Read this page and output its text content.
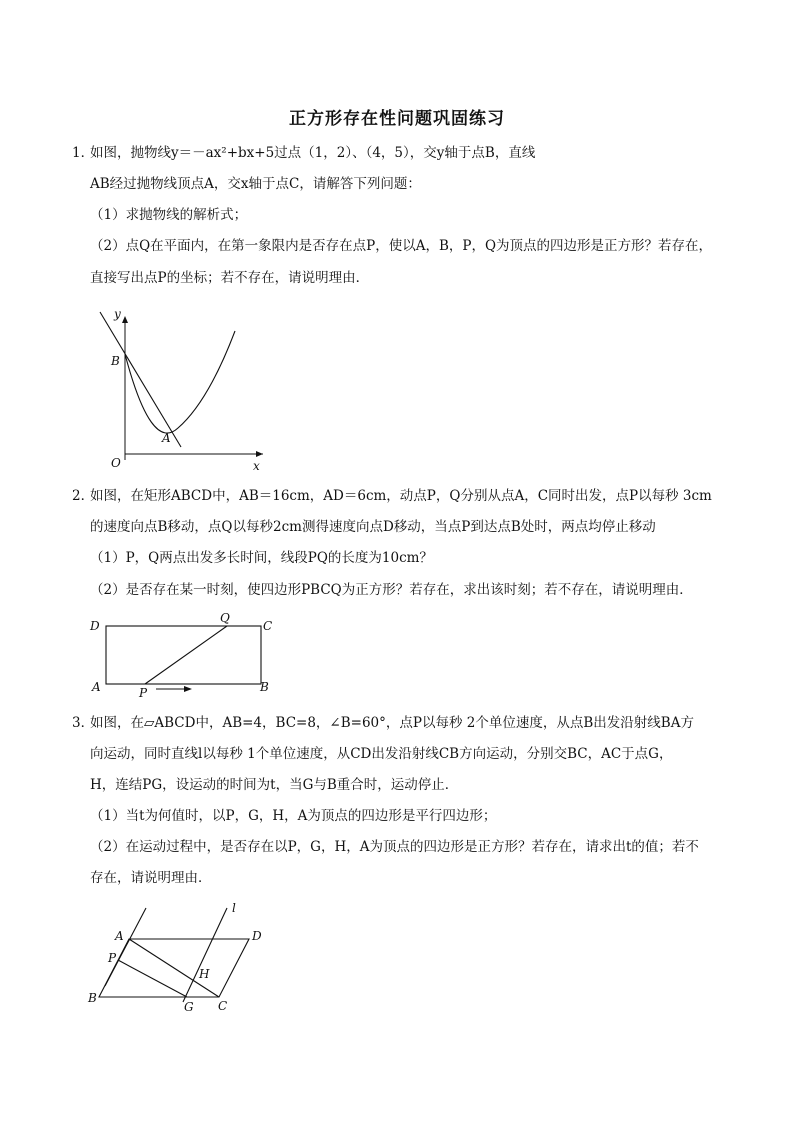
正方形存在性问题巩固练习
1．如图，抛物线y＝－ax²+bx+5过点（1，2）、（4，5），交y轴于点B，直线
AB经过抛物线顶点A，交x轴于点C，请解答下列问题：
（1）求抛物线的解析式；
（2）点Q在平面内，在第一象限内是否存在点P，使以A，B，P，Q为顶点的四边形是正方形？若存在，
直接写出点P的坐标；若不存在，请说明理由．
y
B
A
O	x
2．如图，在矩形ABCD中，AB＝16cm，AD＝6cm，动点P，Q分别从点A，C同时出发，点P以每秒 3cm
的速度向点B移动，点Q以每秒2cm测得速度向点D移动，当点P到达点B处时，两点均停止移动
（1）P，Q两点出发多长时间，线段PQ的长度为10cm？
（2）是否存在某一时刻，使四边形PBCQ为正方形？若存在，求出该时刻；若不存在，请说明理由．
D
Q
C
A	P	B
3．如图，在▱ABCD中，AB=4，BC=8，∠B=60°，点P以每秒 2个单位速度，从点B出发沿射线BA方
向运动，同时直线l以每秒 1个单位速度，从CD出发沿射线CB方向运动，分别交BC，AC于点G，
H，连结PG，设运动的时间为t，当G与B重合时，运动停止．
（1）当t为何值时，以P，G，H，A为顶点的四边形是平行四边形；
（2）在运动过程中，是否存在以P，G，H，A为顶点的四边形是正方形？若存在，请求出t的值；若不
存在，请说明理由．
l
A	D
P
H
B
G C
